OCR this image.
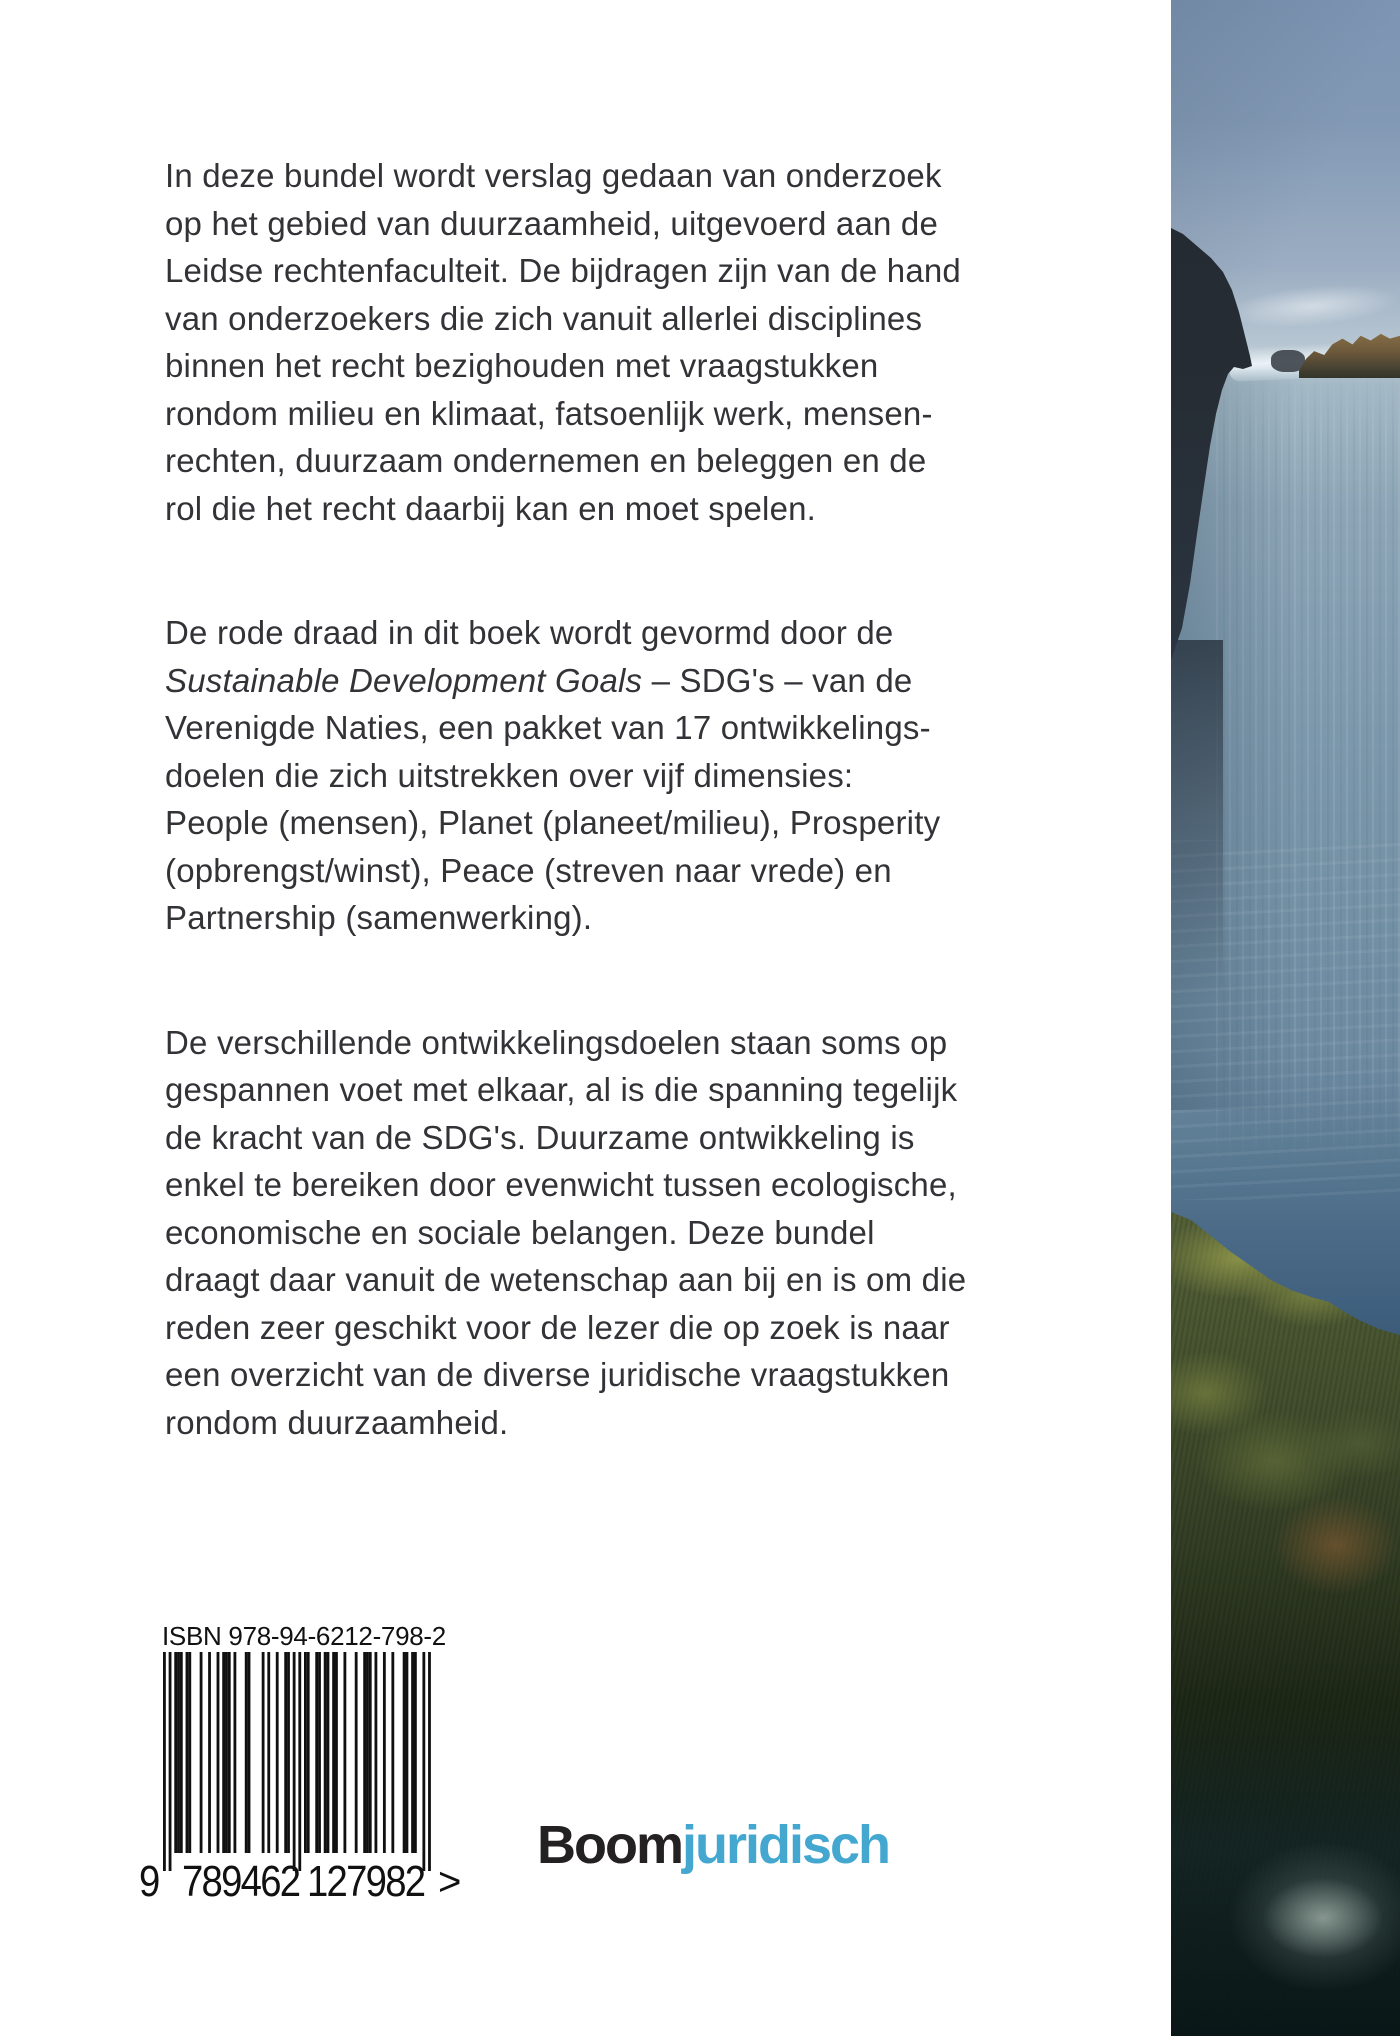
In deze bundel wordt verslag gedaan van onderzoek
op het gebied van duurzaamheid, uitgevoerd aan de
Leidse rechtenfaculteit. De bijdragen zijn van de hand
van onderzoekers die zich vanuit allerlei disciplines
binnen het recht bezighouden met vraagstukken
rondom milieu en klimaat, fatsoenlijk werk, mensen-
rechten, duurzaam ondernemen en beleggen en de
rol die het recht daarbij kan en moet spelen.
De rode draad in dit boek wordt gevormd door de
Sustainable Development Goals – SDG's – van de
Verenigde Naties, een pakket van 17 ontwikkelings-
doelen die zich uitstrekken over vijf dimensies:
People (mensen), Planet (planeet/milieu), Prosperity
(opbrengst/winst), Peace (streven naar vrede) en
Partnership (samenwerking).
De verschillende ontwikkelingsdoelen staan soms op
gespannen voet met elkaar, al is die spanning tegelijk
de kracht van de SDG's. Duurzame ontwikkeling is
enkel te bereiken door evenwicht tussen ecologische,
economische en sociale belangen. Deze bundel
draagt daar vanuit de wetenschap aan bij en is om die
reden zeer geschikt voor de lezer die op zoek is naar
een overzicht van de diverse juridische vraagstukken
rondom duurzaamheid.
ISBN 978-94-6212-798-2
9 789462 127982 >
Boomjuridisch
